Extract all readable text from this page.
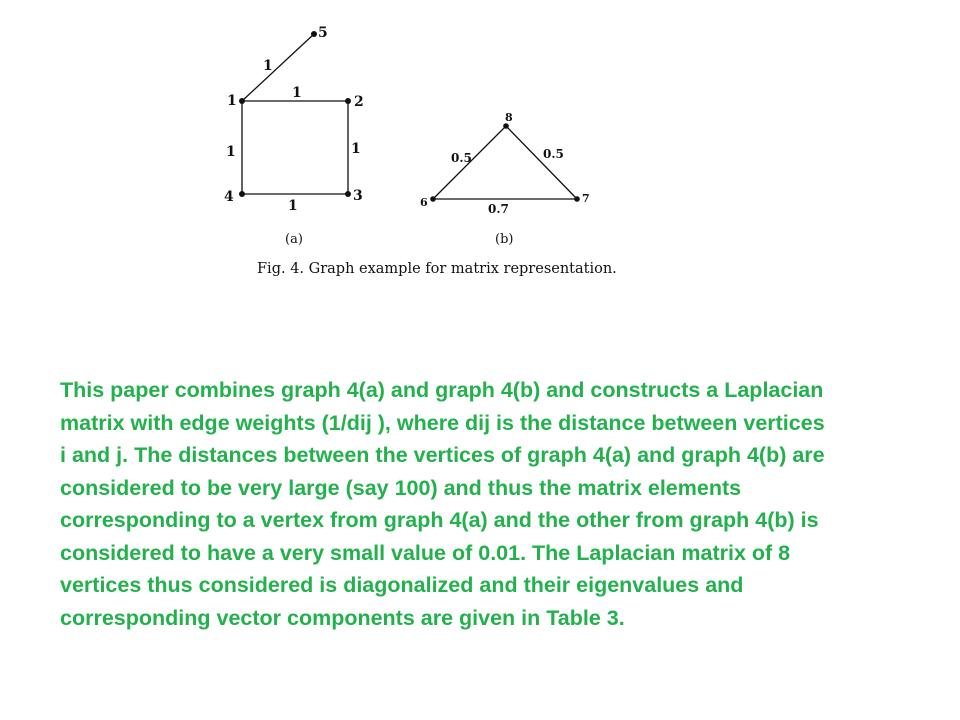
1	2
3
4
5
1
1
1	1
1	6	7
8
0.5	0.5
0.7
(a)	(b)
Fig. 4. Graph example for matrix representation.

This paper combines graph 4(a) and graph 4(b) and constructs a Laplacian
matrix with edge weights (1/dij ), where dij is the distance between vertices
i and j. The distances between the vertices of graph 4(a) and graph 4(b) are
considered to be very large (say 100) and thus the matrix elements
corresponding to a vertex from graph 4(a) and the other from graph 4(b) is
considered to have a very small value of 0.01. The Laplacian matrix of 8
vertices thus considered is diagonalized and their eigenvalues and
corresponding vector components are given in Table 3.
